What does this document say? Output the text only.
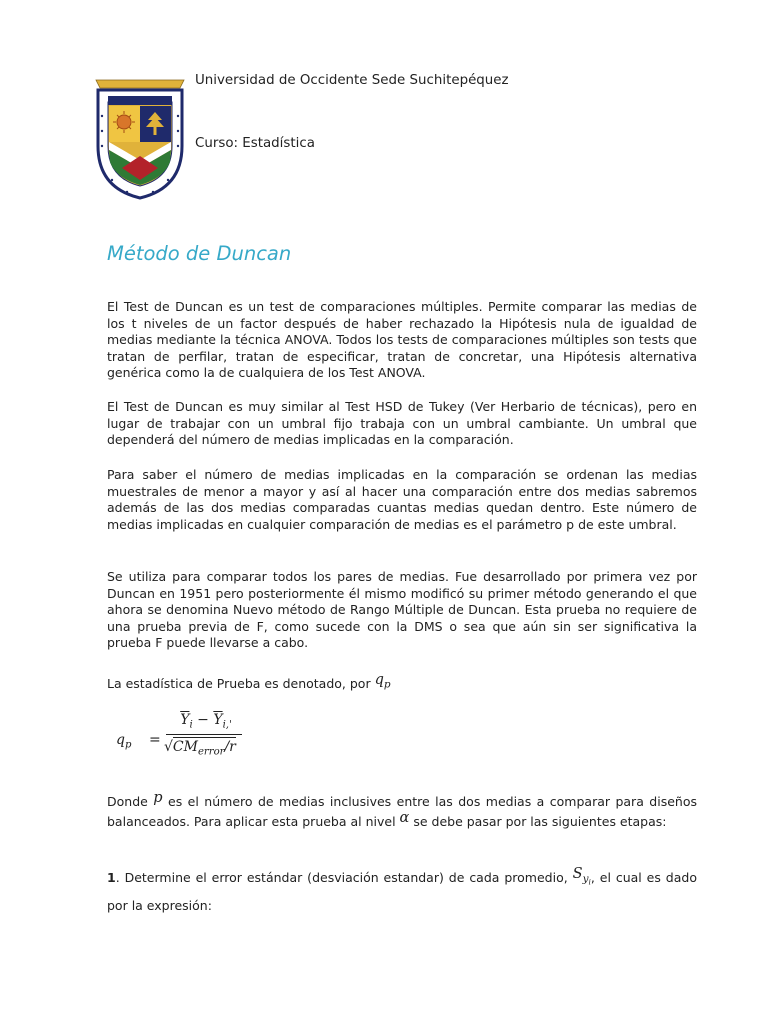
Universidad de Occidente Sede Suchitepéquez
Curso: Estadística
Método de Duncan

El Test de Duncan es un test de comparaciones múltiples. Permite comparar las medias de los t niveles de un factor después de haber rechazado la Hipótesis nula de igualdad de medias mediante la técnica ANOVA. Todos los tests de comparaciones múltiples son tests que tratan de perfilar, tratan de especificar, tratan de concretar, una Hipótesis alternativa genérica como la de cualquiera de los Test ANOVA.

El Test de Duncan es muy similar al Test HSD de Tukey (Ver Herbario de técnicas), pero en lugar de trabajar con un umbral fijo trabaja con un umbral cambiante. Un umbral que dependerá del número de medias implicadas en la comparación.

Para saber el número de medias implicadas en la comparación se ordenan las medias muestrales de menor a mayor y así al hacer una comparación entre dos medias sabremos además de las dos medias comparadas cuantas medias quedan dentro. Este número de medias implicadas en cualquier comparación de medias es el parámetro p de este umbral.

Se utiliza para comparar todos los pares de medias. Fue desarrollado por primera vez por Duncan en 1951 pero posteriormente él mismo modificó su primer método generando el que ahora se denomina Nuevo método de Rango Múltiple de Duncan. Esta prueba no requiere de una prueba previa de F, como sucede con la DMS o sea que aún sin ser significativa la prueba F puede llevarse a cabo.

La estadística de Prueba es denotado, por $q_p$
$q_p$ =
$\overline{Y}_i - \overline{Y}_{i,'}$
$√CM_{error}/r$

Donde p es el número de medias inclusives entre las dos medias a comparar para diseños balanceados. Para aplicar esta prueba al nivel α se debe pasar por las siguientes etapas:

1. Determine el error estándar (desviación estandar) de cada promedio, $S_{y_i}$, el cual es dado por la expresión:
